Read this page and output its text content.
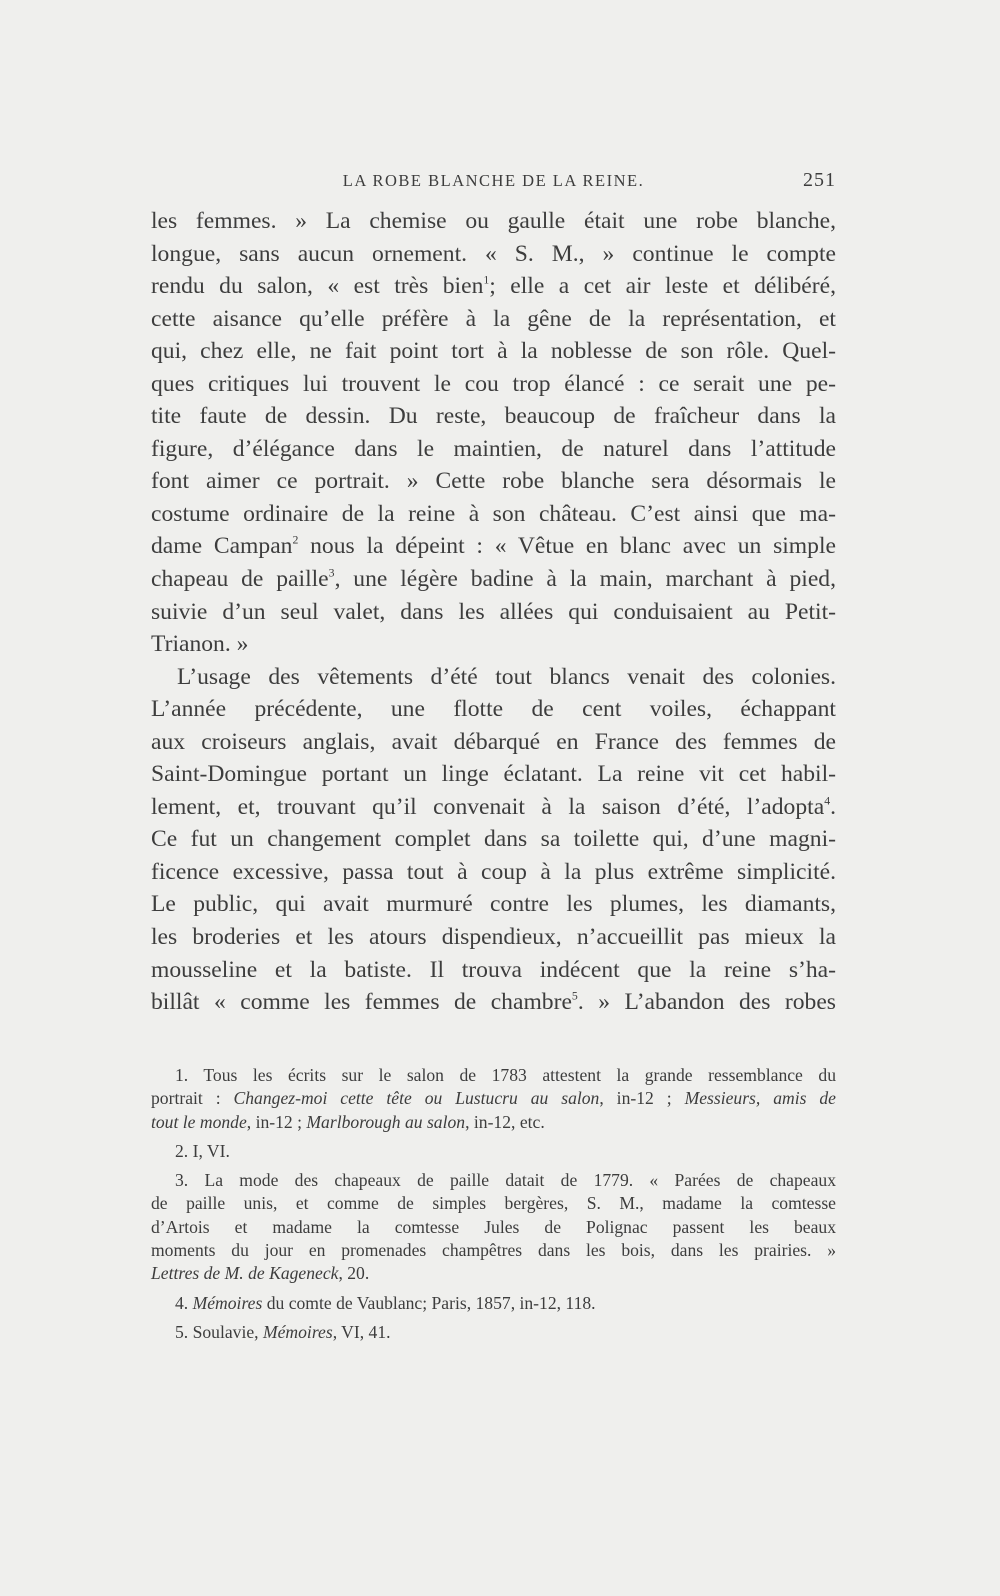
LA ROBE BLANCHE DE LA REINE.	251
les femmes. » La chemise ou gaulle était une robe blanche,
longue, sans aucun ornement. « S. M., » continue le compte
rendu du salon, « est très bien$^1$; elle a cet air leste et délibéré,
cette aisance qu’elle préfère à la gêne de la représentation, et
qui, chez elle, ne fait point tort à la noblesse de son rôle. Quel-
ques critiques lui trouvent le cou trop élancé : ce serait une pe-
tite faute de dessin. Du reste, beaucoup de fraîcheur dans la
figure, d’élégance dans le maintien, de naturel dans l’attitude
font aimer ce portrait. » Cette robe blanche sera désormais le
costume ordinaire de la reine à son château. C’est ainsi que ma-
dame Campan$^2$ nous la dépeint : « Vêtue en blanc avec un simple
chapeau de paille$^3$, une légère badine à la main, marchant à pied,
suivie d’un seul valet, dans les allées qui conduisaient au Petit-
Trianon. »
L’usage des vêtements d’été tout blancs venait des colonies.
L’année précédente, une flotte de cent voiles, échappant
aux croiseurs anglais, avait débarqué en France des femmes de
Saint-Domingue portant un linge éclatant. La reine vit cet habil-
lement, et, trouvant qu’il convenait à la saison d’été, l’adopta$^4$.
Ce fut un changement complet dans sa toilette qui, d’une magni-
ficence excessive, passa tout à coup à la plus extrême simplicité.
Le public, qui avait murmuré contre les plumes, les diamants,
les broderies et les atours dispendieux, n’accueillit pas mieux la
mousseline et la batiste. Il trouva indécent que la reine s’ha-
billât « comme les femmes de chambre$^5$. » L’abandon des robes
1. Tous les écrits sur le salon de 1783 attestent la grande ressemblance du
portrait : Changez-moi cette tête ou Lustucru au salon, in-12 ; Messieurs, amis de
tout le monde, in-12 ; Marlborough au salon, in-12, etc.
2. I, VI.
3. La mode des chapeaux de paille datait de 1779. « Parées de chapeaux
de paille unis, et comme de simples bergères, S. M., madame la comtesse
d’Artois et madame la comtesse Jules de Polignac passent les beaux
moments du jour en promenades champêtres dans les bois, dans les prairies. »
Lettres de M. de Kageneck, 20.
4. Mémoires du comte de Vaublanc; Paris, 1857, in-12, 118.
5. Soulavie, Mémoires, VI, 41.
